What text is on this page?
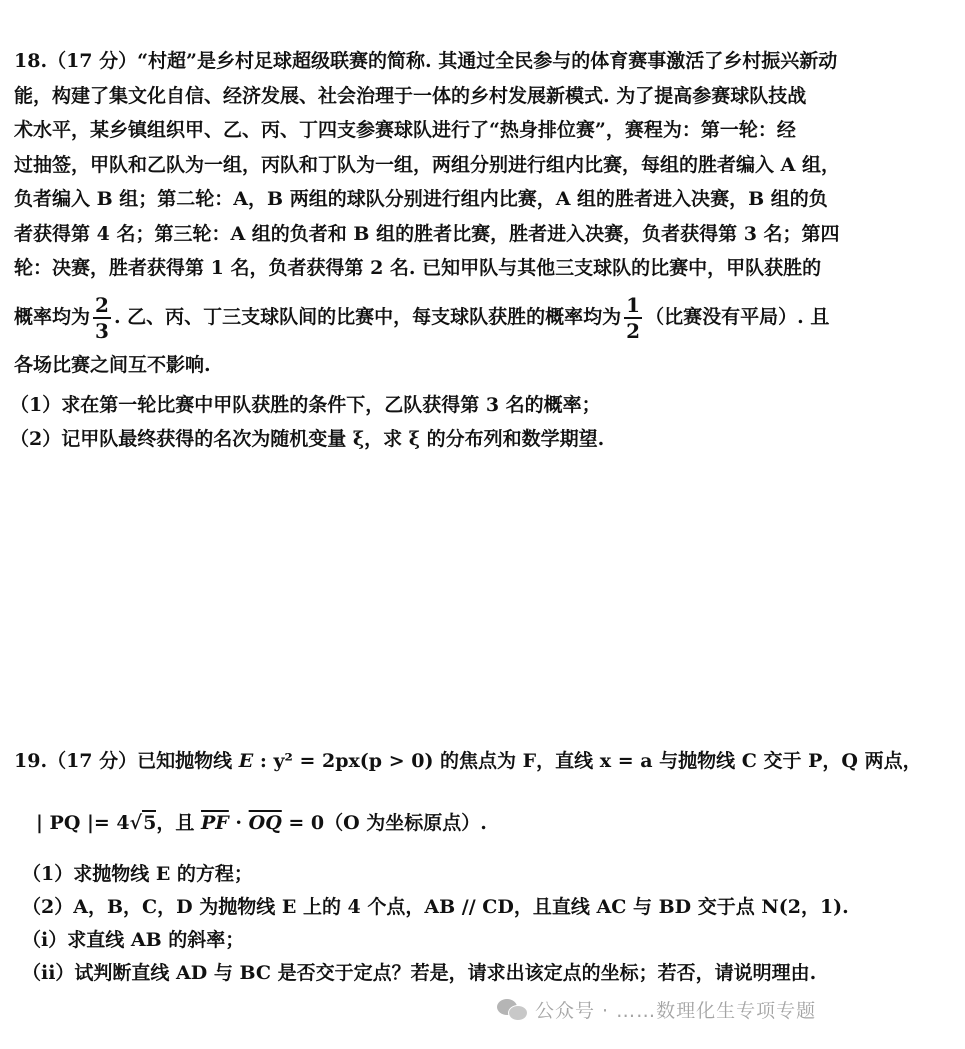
18.（17 分）“村超”是乡村足球超级联赛的简称. 其通过全民参与的体育赛事激活了乡村振兴新动
能，构建了集文化自信、经济发展、社会治理于一体的乡村发展新模式. 为了提高参赛球队技战
术水平，某乡镇组织甲、乙、丙、丁四支参赛球队进行了“热身排位赛”，赛程为：第一轮：经
过抽签，甲队和乙队为一组，丙队和丁队为一组，两组分别进行组内比赛，每组的胜者编入 A 组，
负者编入 B 组；第二轮：A，B 两组的球队分别进行组内比赛，A 组的胜者进入决赛，B 组的负
者获得第 4 名；第三轮：A 组的负者和 B 组的胜者比赛，胜者进入决赛，负者获得第 3 名；第四
轮：决赛，胜者获得第 1 名，负者获得第 2 名. 已知甲队与其他三支球队的比赛中，甲队获胜的

概率均为 $\frac{2}{3}$ . 乙、丙、丁三支球队间的比赛中，每支球队获胜的概率均为 $\frac{1}{2}$ （比赛没有平局）. 且

各场比赛之间互不影响.

（1）求在第一轮比赛中甲队获胜的条件下，乙队获得第 3 名的概率；

（2）记甲队最终获得的名次为随机变量 ξ，求 ξ 的分布列和数学期望.

19.（17 分）已知抛物线 E : y² = 2px(p > 0) 的焦点为 F，直线 x = a 与抛物线 C 交于 P，Q 两点，

| PQ |= 4√5，且 $\overline{PF} \cdot \overline{OQ} = 0(O$ 为坐标原点）.

（1）求抛物线 E 的方程；

（2）A，B，C，D 为抛物线 E 上的 4 个点，AB // CD，且直线 AC 与 BD 交于点 N(2，1).

（i）求直线 AB 的斜率；

（ii）试判断直线 AD 与 BC 是否交于定点？若是，请求出该定点的坐标；若否，请说明理由.

公众号 · ……数理化生专项专题
